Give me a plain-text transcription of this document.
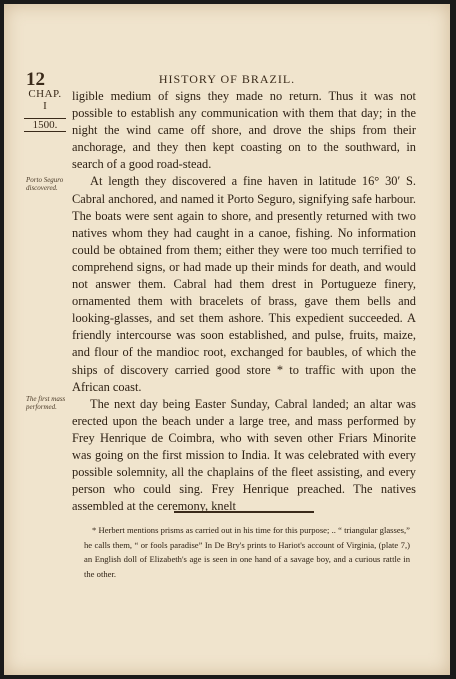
12	HISTORY OF BRAZIL.
CHAP.
I
1500.
Porto Seguro discovered.
The first mass performed.

ligible medium of signs they made no return. Thus it was not possible to establish any communication with them that day; in the night the wind came off shore, and drove the ships from their anchorage, and they then kept coasting on to the southward, in search of a good road-stead.

At length they discovered a fine haven in latitude 16° 30′ S. Cabral anchored, and named it Porto Seguro, signifying safe harbour. The boats were sent again to shore, and presently returned with two natives whom they had caught in a canoe, fishing. No information could be obtained from them; either they were too much terrified to comprehend signs, or had made up their minds for death, and would not answer them. Cabral had them drest in Portugueze finery, ornamented them with bracelets of brass, gave them bells and looking-glasses, and set them ashore. This expedient succeeded. A friendly intercourse was soon established, and pulse, fruits, maize, and flour of the mandioc root, exchanged for baubles, of which the ships of discovery carried good store * to traffic with upon the African coast.

The next day being Easter Sunday, Cabral landed; an altar was erected upon the beach under a large tree, and mass performed by Frey Henrique de Coimbra, who with seven other Friars Minorite was going on the first mission to India. It was celebrated with every possible solemnity, all the chaplains of the fleet assisting, and every person who could sing. Frey Henrique preached. The natives assembled at the ceremony, knelt

* Herbert mentions prisms as carried out in his time for this purpose; .. “ triangular glasses,” he calls them, “ or fools paradise” In De Bry's prints to Hariot's account of Virginia, (plate 7,) an English doll of Elizabeth's age is seen in one hand of a savage boy, and a curious rattle in the other.
